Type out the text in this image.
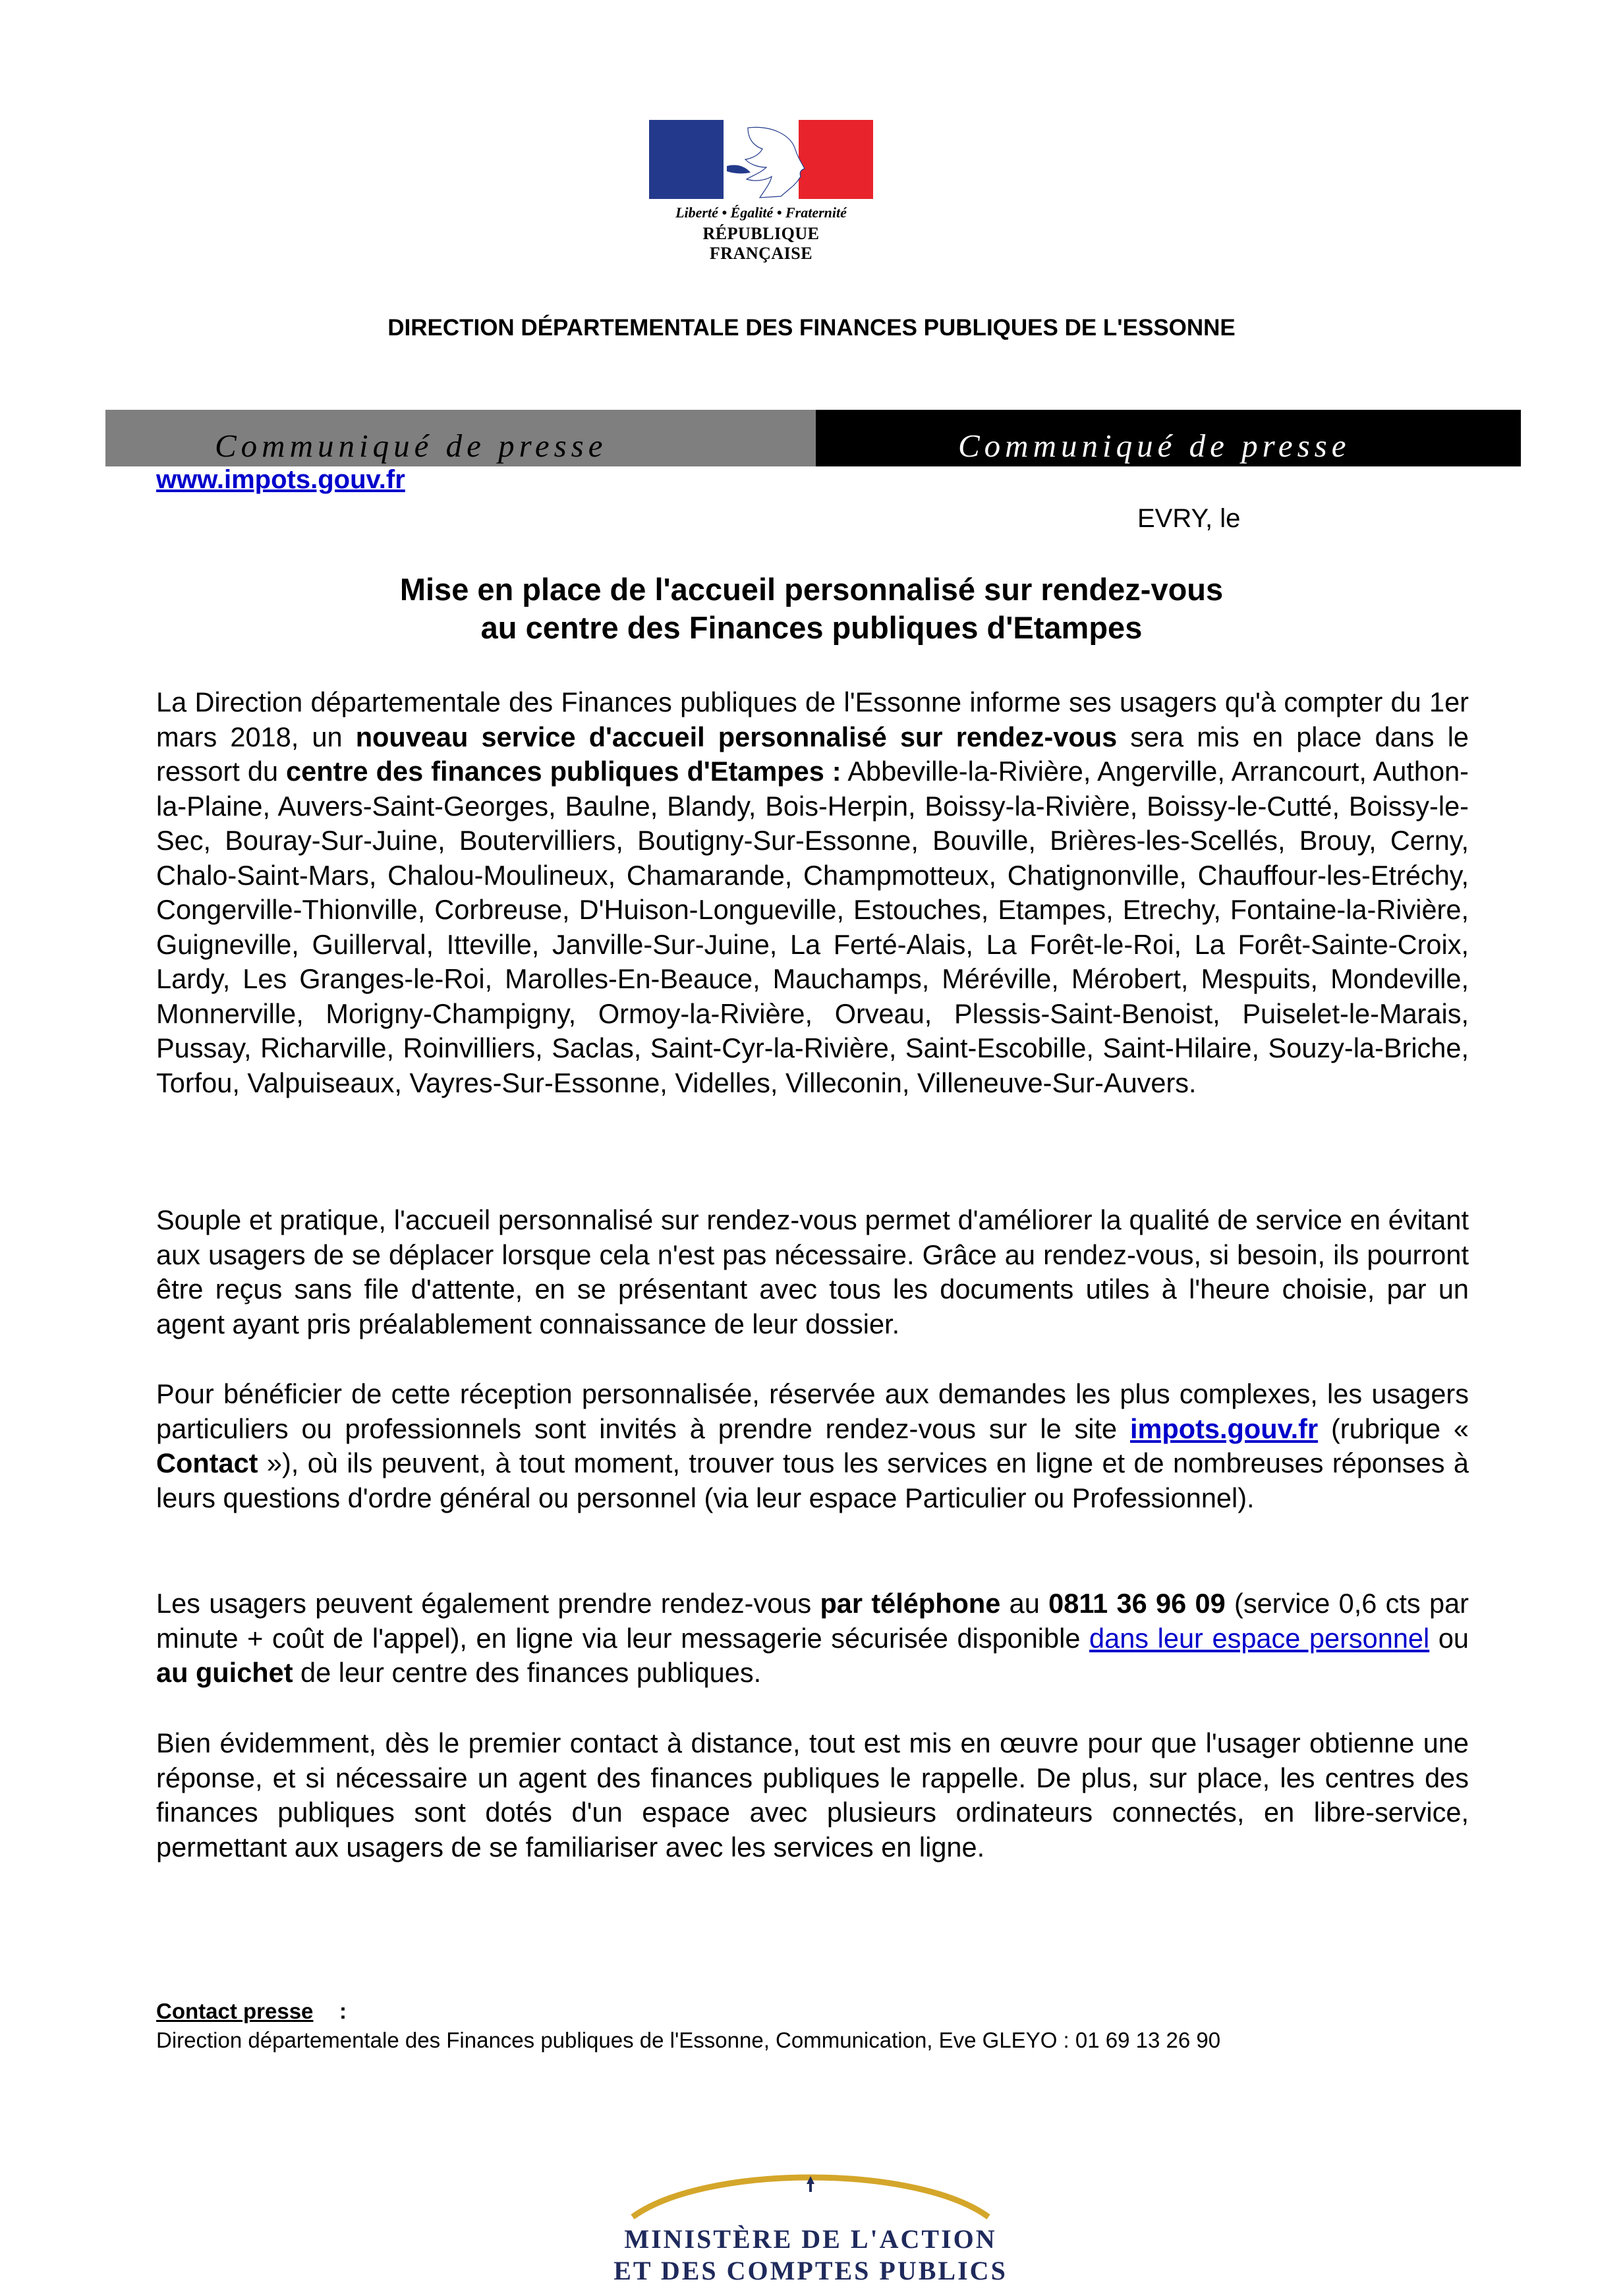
Liberté • Égalité • Fraternité
RÉPUBLIQUE FRANÇAISE
DIRECTION DÉPARTEMENTALE DES FINANCES PUBLIQUES DE L'ESSONNE
Communiqué de presse	Communiqué de presse
www.impots.gouv.fr
EVRY, le
Mise en place de l'accueil personnalisé sur rendez-vous
au centre des Finances publiques d'Etampes
La Direction départementale des Finances publiques de l'Essonne informe ses usagers qu'à compter du 1er mars 2018, un nouveau service d'accueil personnalisé sur rendez-vous sera mis en place dans le ressort du centre des finances publiques d'Etampes : Abbeville-la-Rivière, Angerville, Arrancourt, Authon-la-Plaine, Auvers-Saint-Georges, Baulne, Blandy, Bois-Herpin, Boissy-la-Rivière, Boissy-le-Cutté, Boissy-le-Sec, Bouray-Sur-Juine, Boutervilliers, Boutigny-Sur-Essonne, Bouville, Brières-les-Scellés, Brouy, Cerny, Chalo-Saint-Mars, Chalou-Moulineux, Chamarande, Champmotteux, Chatignonville, Chauffour-les-Etréchy, Congerville-Thionville, Corbreuse, D'Huison-Longueville, Estouches, Etampes, Etrechy, Fontaine-la-Rivière, Guigneville, Guillerval, Itteville, Janville-Sur-Juine, La Ferté-Alais, La Forêt-le-Roi, La Forêt-Sainte-Croix, Lardy, Les Granges-le-Roi, Marolles-En-Beauce, Mauchamps, Méréville, Mérobert, Mespuits, Mondeville, Monnerville, Morigny-Champigny, Ormoy-la-Rivière, Orveau, Plessis-Saint-Benoist, Puiselet-le-Marais, Pussay, Richarville, Roinvilliers, Saclas, Saint-Cyr-la-Rivière, Saint-Escobille, Saint-Hilaire, Souzy-la-Briche, Torfou, Valpuiseaux, Vayres-Sur-Essonne, Videlles, Villeconin, Villeneuve-Sur-Auvers.
Souple et pratique, l'accueil personnalisé sur rendez-vous permet d'améliorer la qualité de service en évitant aux usagers de se déplacer lorsque cela n'est pas nécessaire. Grâce au rendez-vous, si besoin, ils pourront être reçus sans file d'attente, en se présentant avec tous les documents utiles à l'heure choisie, par un agent ayant pris préalablement connaissance de leur dossier.
Pour bénéficier de cette réception personnalisée, réservée aux demandes les plus complexes, les usagers particuliers ou professionnels sont invités à prendre rendez-vous sur le site impots.gouv.fr (rubrique « Contact »), où ils peuvent, à tout moment, trouver tous les services en ligne et de nombreuses réponses à leurs questions d'ordre général ou personnel (via leur espace Particulier ou Professionnel).
Les usagers peuvent également prendre rendez-vous par téléphone au 0811 36 96 09 (service 0,6 cts par minute + coût de l'appel), en ligne via leur messagerie sécurisée disponible dans leur espace personnel ou au guichet de leur centre des finances publiques.
Bien évidemment, dès le premier contact à distance, tout est mis en œuvre pour que l'usager obtienne une réponse, et si nécessaire un agent des finances publiques le rappelle. De plus, sur place, les centres des finances publiques sont dotés d'un espace avec plusieurs ordinateurs connectés, en libre-service, permettant aux usagers de se familiariser avec les services en ligne.
Contact presse :
Direction départementale des Finances publiques de l'Essonne, Communication, Eve GLEYO : 01 69 13 26 90
MINISTÈRE DE L'ACTION
ET DES COMPTES PUBLICS
